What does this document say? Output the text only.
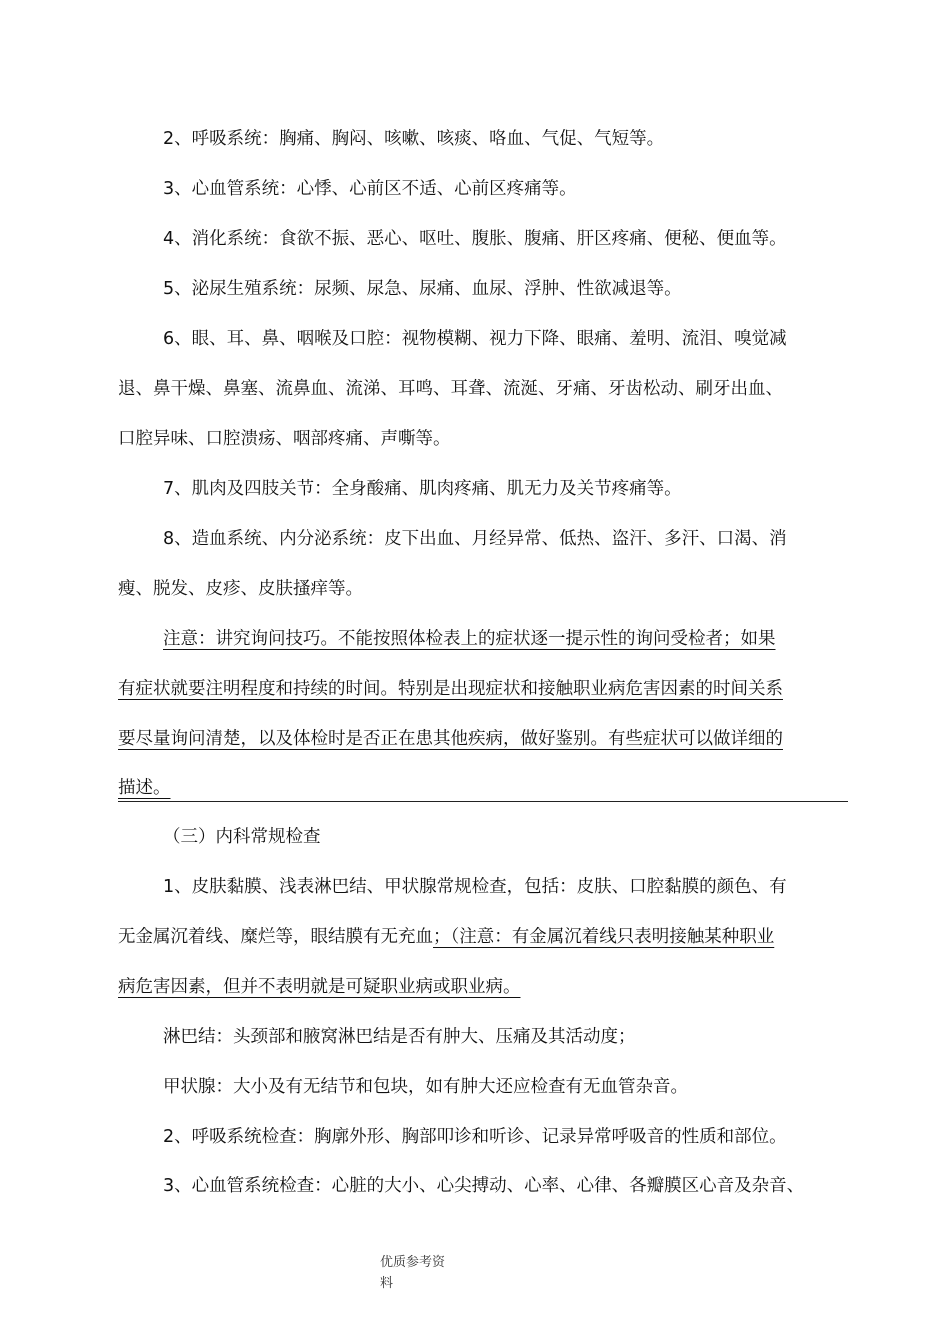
2、呼吸系统：胸痛、胸闷、咳嗽、咳痰、咯血、气促、气短等。
3、心血管系统：心悸、心前区不适、心前区疼痛等。
4、消化系统：食欲不振、恶心、呕吐、腹胀、腹痛、肝区疼痛、便秘、便血等。
5、泌尿生殖系统：尿频、尿急、尿痛、血尿、浮肿、性欲减退等。
6、眼、耳、鼻、咽喉及口腔：视物模糊、视力下降、眼痛、羞明、流泪、嗅觉减
退、鼻干燥、鼻塞、流鼻血、流涕、耳鸣、耳聋、流涎、牙痛、牙齿松动、刷牙出血、
口腔异味、口腔溃疡、咽部疼痛、声嘶等。
7、肌肉及四肢关节：全身酸痛、肌肉疼痛、肌无力及关节疼痛等。
8、造血系统、内分泌系统：皮下出血、月经异常、低热、盗汗、多汗、口渴、消
瘦、脱发、皮疹、皮肤搔痒等。
注意：讲究询问技巧。不能按照体检表上的症状逐一提示性的询问受检者；如果
有症状就要注明程度和持续的时间。特别是出现症状和接触职业病危害因素的时间关系
要尽量询问清楚，以及体检时是否正在患其他疾病，做好鉴别。有些症状可以做详细的
描述。
（三）内科常规检查
1、皮肤黏膜、浅表淋巴结、甲状腺常规检查，包括：皮肤、口腔黏膜的颜色、有
无金属沉着线、糜烂等，眼结膜有无充血；（注意：有金属沉着线只表明接触某种职业
病危害因素，但并不表明就是可疑职业病或职业病。
淋巴结：头颈部和腋窝淋巴结是否有肿大、压痛及其活动度；
甲状腺：大小及有无结节和包块，如有肿大还应检查有无血管杂音。
2、呼吸系统检查：胸廓外形、胸部叩诊和听诊、记录异常呼吸音的性质和部位。
3、心血管系统检查：心脏的大小、心尖搏动、心率、心律、各瓣膜区心音及杂音、
优质参考资
料
